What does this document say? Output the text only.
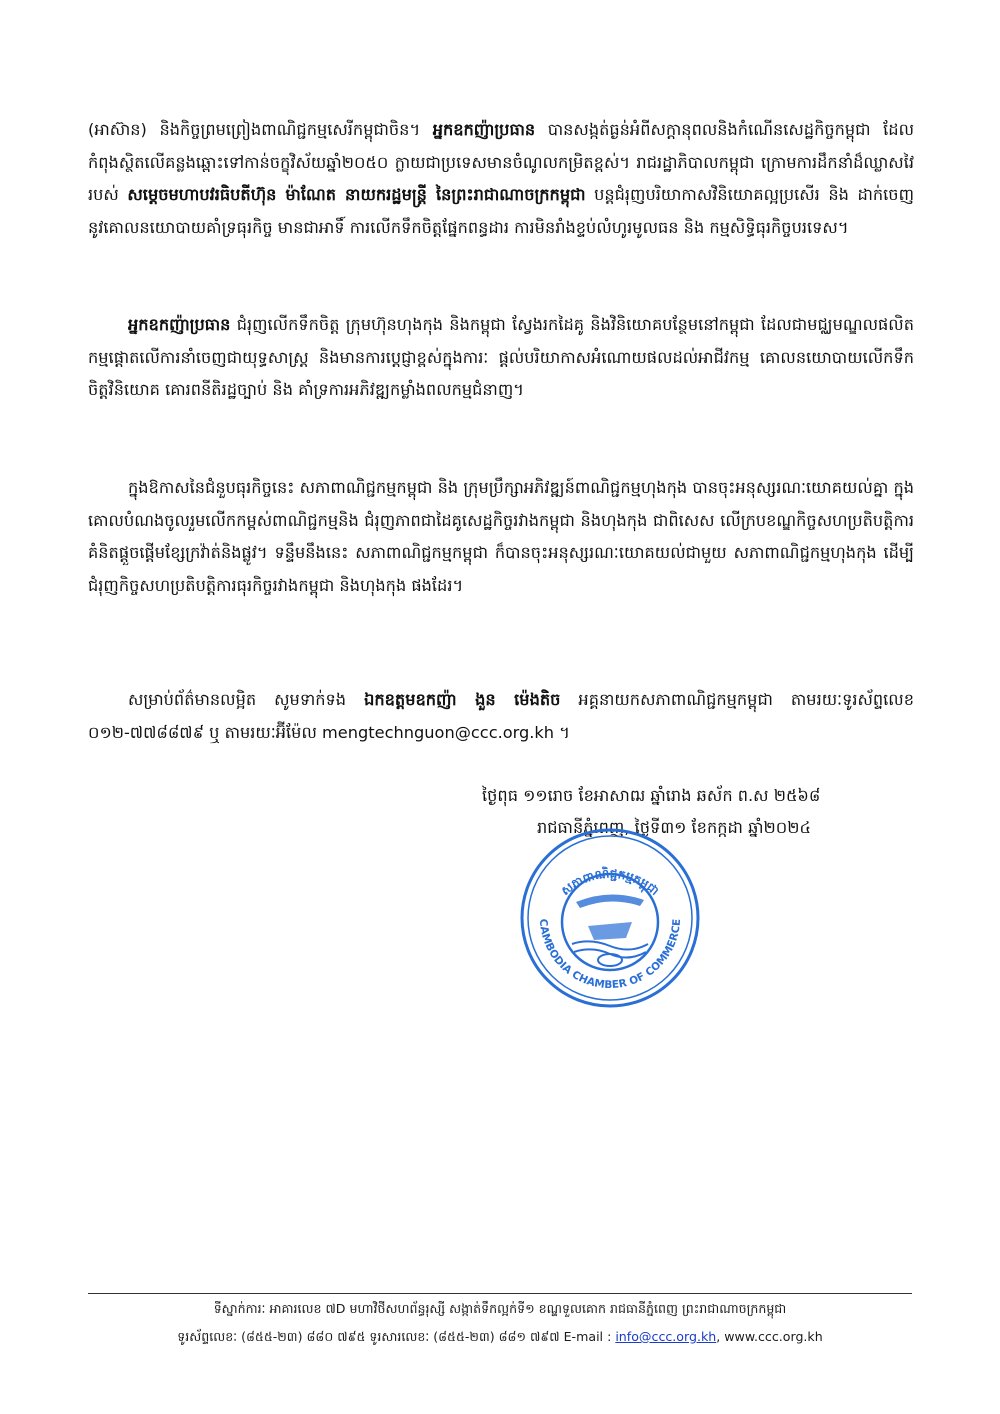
(អាស៊ាន) និងកិច្ចព្រមព្រៀងពាណិជ្ជកម្មសេរីកម្ពុជាចិន។ អ្នកឧកញ៉ាប្រធាន បានសង្កត់ធ្ងន់អំពីសក្តានុពលនិងកំណើនសេដ្ឋកិច្ចកម្ពុជា ដែលកំពុងស្ថិតលើគន្លងឆ្ពោះទៅកាន់ចក្ខុវិស័យឆ្នាំ២០៥០ ក្លាយជាប្រទេសមានចំណូលកម្រិតខ្ពស់។ រាជរដ្ឋាភិបាលកម្ពុជា ក្រោមការដឹកនាំដ៏ឈ្លាសវៃរបស់ សម្តេចមហាបវរធិបតីហ៊ុន ម៉ាណែត នាយករដ្ឋមន្ត្រី នៃព្រះរាជាណាចក្រកម្ពុជា បន្តជំរុញបរិយាកាសវិនិយោគល្អប្រសើរ និង ដាក់ចេញនូវគោលនយោបាយគាំទ្រធុរកិច្ច មានជាអាទិ៍ ការលើកទឹកចិត្តផ្នែកពន្ធដារ ការមិនរាំងខ្ទប់លំហូរមូលធន និង កម្មសិទ្ធិធុរកិច្ចបរទេស។

អ្នកឧកញ៉ាប្រធាន ជំរុញលើកទឹកចិត្ត ក្រុមហ៊ុនហុងកុង និងកម្ពុជា ស្វែងរកដៃគូ និងវិនិយោគបន្ថែមនៅកម្ពុជា ដែលជាមជ្ឈមណ្ឌលផលិតកម្មផ្តោតលើការនាំចេញជាយុទ្ធសាស្ត្រ និងមានការប្តេជ្ញាខ្ពស់ក្នុងការៈ ផ្តល់បរិយាកាសអំណោយផលដល់អាជីវកម្ម គោលនយោបាយលើកទឹកចិត្តវិនិយោគ គោរពនីតិរដ្ឋច្បាប់ និង គាំទ្រការអភិវឌ្ឍកម្លាំងពលកម្មជំនាញ។

ក្នុងឱកាសនៃជំនួបធុរកិច្ចនេះ សភាពាណិជ្ជកម្មកម្ពុជា និង ក្រុមប្រឹក្សាអភិវឌ្ឍន៍ពាណិជ្ជកម្មហុងកុង បានចុះអនុស្សរណៈយោគយល់គ្នា ក្នុងគោលបំណងចូលរួមលើកកម្ពស់ពាណិជ្ជកម្មនិង ជំរុញភាពជាដៃគូសេដ្ឋកិច្ចរវាងកម្ពុជា និងហុងកុង ជាពិសេស លើក្របខណ្ឌកិច្ចសហប្រតិបត្តិការគំនិតផ្តួចផ្តើមខ្សែក្រវ៉ាត់និងផ្លូវ។ ទន្ទឹមនឹងនេះ សភាពាណិជ្ជកម្មកម្ពុជា ក៏បានចុះអនុស្សរណៈយោគយល់ជាមួយ សភាពាណិជ្ជកម្មហុងកុង ដើម្បីជំរុញកិច្ចសហប្រតិបត្តិការធុរកិច្ចរវាងកម្ពុជា និងហុងកុង ផងដែរ។

សម្រាប់ព័ត៌មានលម្អិត សូមទាក់ទង ឯកឧត្តមឧកញ៉ា ងួន ម៉េងតិច អគ្គនាយកសភាពាណិជ្ជកម្មកម្ពុជា តាមរយៈទូរស័ព្ទលេខ ០១២-៧៧៨៨៧៩ ឬ តាមរយៈអ៊ីម៉ែល mengtechnguon@ccc.org.kh ។

ថ្ងៃពុធ ១១រោច ខែអាសាឍ ឆ្នាំរោង ឆស័ក ព.ស ២៥៦៨
រាជធានីភ្នំពេញ, ថ្ងៃទី៣១ ខែកក្កដា ឆ្នាំ២០២៤
សភាពាណិជ្ជកម្មកម្ពុជា
CAMBODIA CHAMBER OF COMMERCE
ទីស្នាក់ការៈ អាគារលេខ ៧D មហាវិថីសហព័ន្ធរុស្សី សង្កាត់ទឹកល្អក់ទី១ ខណ្ឌទួលគោក រាជធានីភ្នំពេញ ព្រះរាជាណាចក្រកម្ពុជា
ទូរស័ព្ទលេខៈ (៨៥៥-២៣) ៨៨០ ៧៩៥ ទូរសារលេខៈ (៨៥៥-២៣) ៨៨១ ៧៩៧ E-mail : info@ccc.org.kh, www.ccc.org.kh
